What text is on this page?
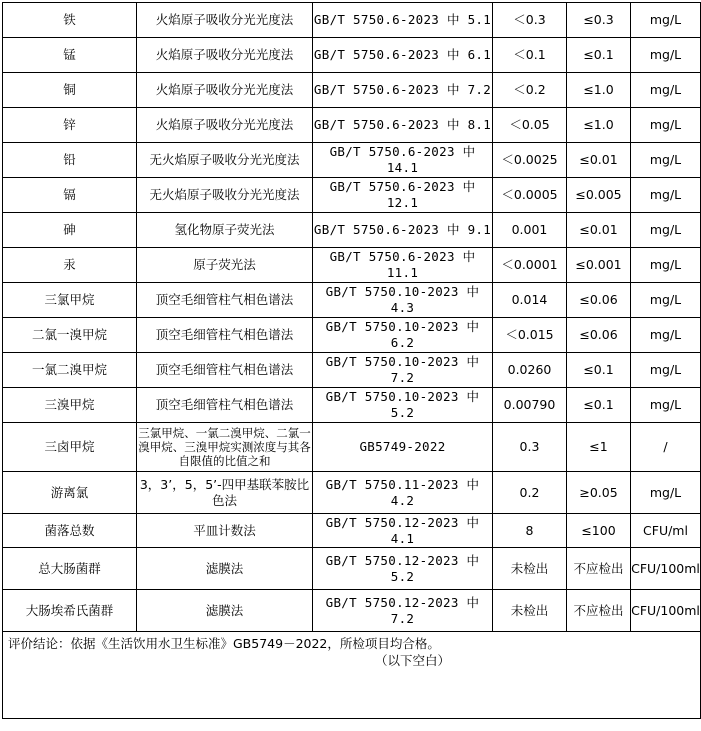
铁	火焰原子吸收分光光度法	GB/T 5750.6-2023 中 5.1	＜0.3	≤0.3	mg/L
锰	火焰原子吸收分光光度法	GB/T 5750.6-2023 中 6.1	＜0.1	≤0.1	mg/L
铜	火焰原子吸收分光光度法	GB/T 5750.6-2023 中 7.2	＜0.2	≤1.0	mg/L
锌	火焰原子吸收分光光度法	GB/T 5750.6-2023 中 8.1	＜0.05	≤1.0	mg/L
铅	无火焰原子吸收分光光度法	GB/T 5750.6-2023 中 14.1	＜0.0025	≤0.01	mg/L
镉	无火焰原子吸收分光光度法	GB/T 5750.6-2023 中 12.1	＜0.0005	≤0.005	mg/L
砷	氢化物原子荧光法	GB/T 5750.6-2023 中 9.1	0.001	≤0.01	mg/L
汞	原子荧光法	GB/T 5750.6-2023 中 11.1	＜0.0001	≤0.001	mg/L
三氯甲烷	顶空毛细管柱气相色谱法	GB/T 5750.10-2023 中 4.3	0.014	≤0.06	mg/L
二氯一溴甲烷	顶空毛细管柱气相色谱法	GB/T 5750.10-2023 中 6.2	＜0.015	≤0.06	mg/L
一氯二溴甲烷	顶空毛细管柱气相色谱法	GB/T 5750.10-2023 中 7.2	0.0260	≤0.1	mg/L
三溴甲烷	顶空毛细管柱气相色谱法	GB/T 5750.10-2023 中 5.2	0.00790	≤0.1	mg/L
三卤甲烷	三氯甲烷、一氯二溴甲烷、二氯一溴甲烷、三溴甲烷实测浓度与其各自限值的比值之和	GB5749-2022	0.3	≤1	/
游离氯	3，3’，5，5’-四甲基联苯胺比色法	GB/T 5750.11-2023 中 4.2	0.2	≥0.05	mg/L
菌落总数	平皿计数法	GB/T 5750.12-2023 中 4.1	8	≤100	CFU/ml
总大肠菌群	滤膜法	GB/T 5750.12-2023 中 5.2	未检出	不应检出	CFU/100ml
大肠埃希氏菌群	滤膜法	GB/T 5750.12-2023 中 7.2	未检出	不应检出	CFU/100ml

评价结论：依据《生活饮用水卫生标准》GB5749－2022，所检项目均合格。
（以下空白）					
